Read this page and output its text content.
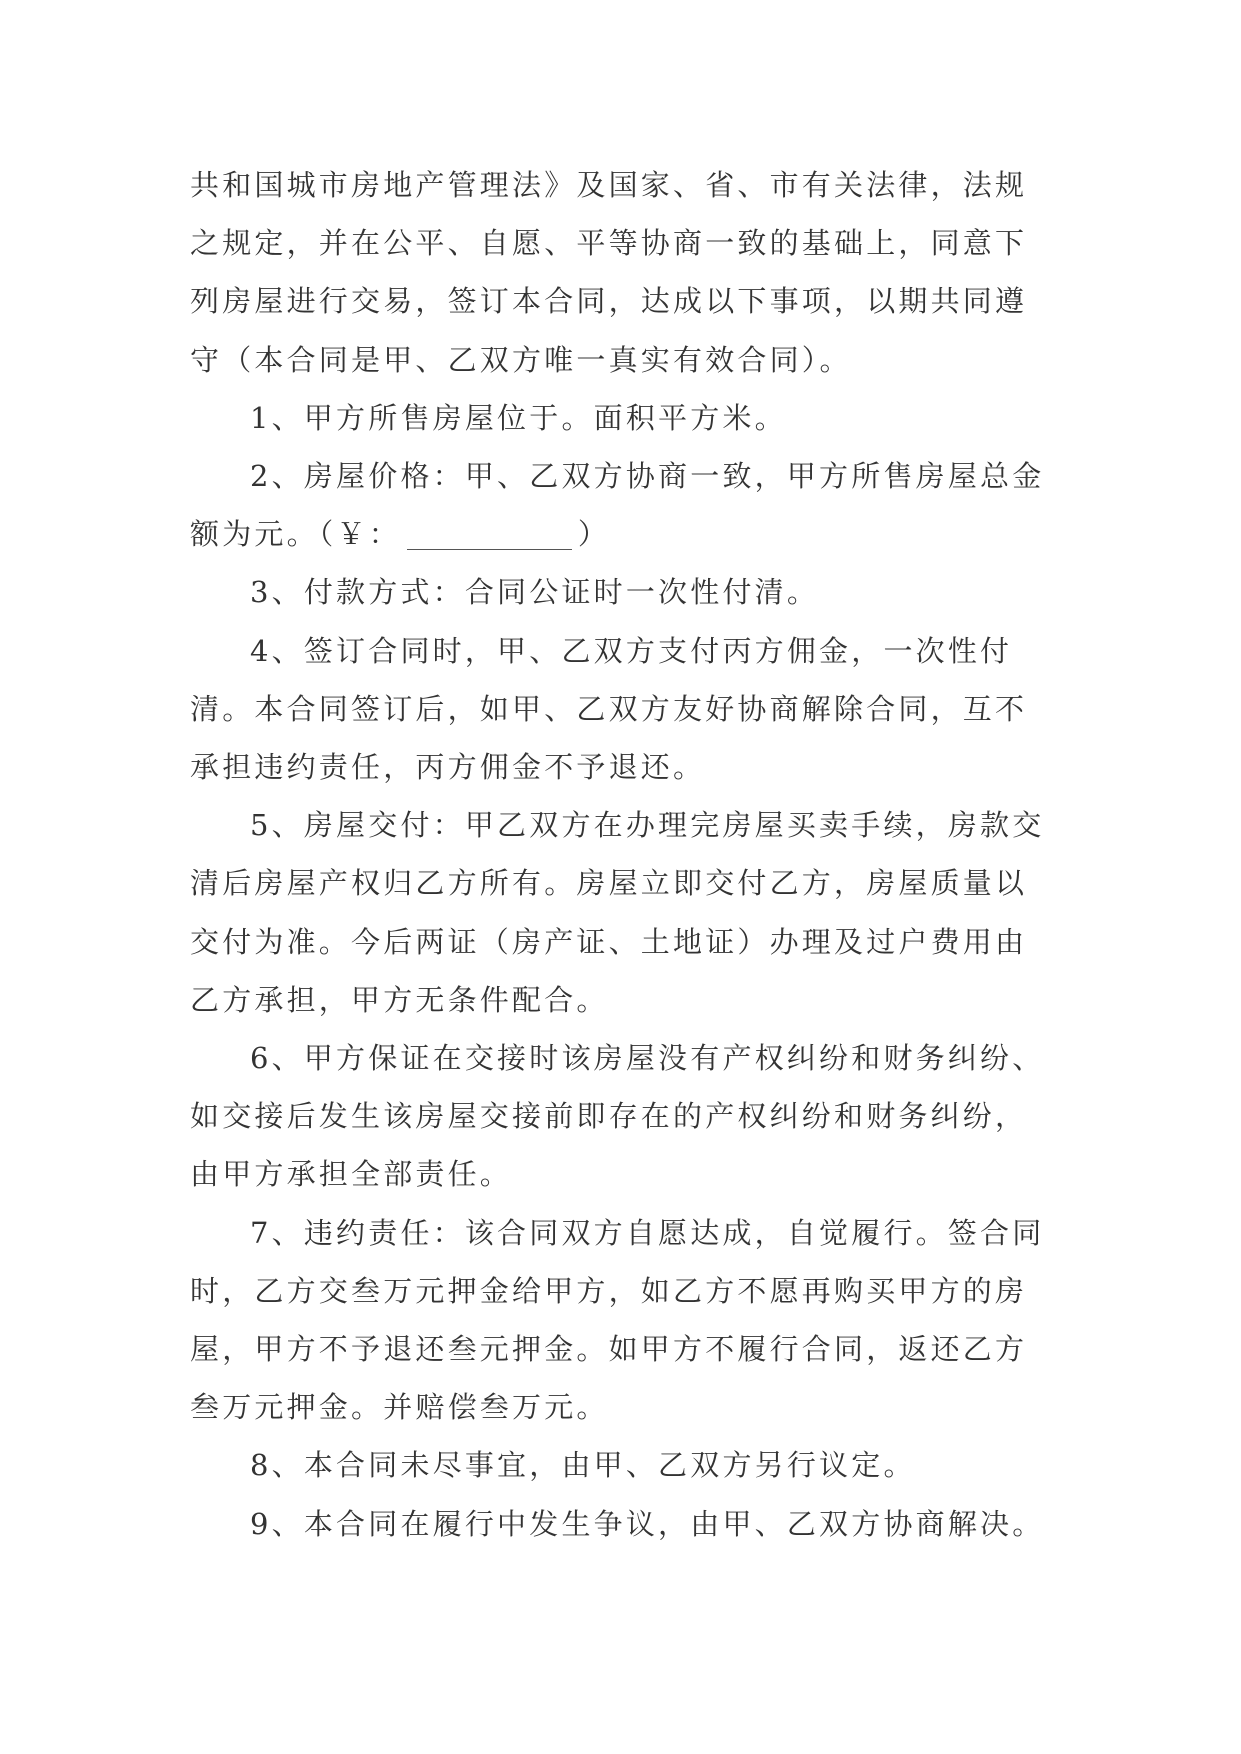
共和国城市房地产管理法》及国家、省、市有关法律，法规之规定，并在公平、自愿、平等协商一致的基础上，同意下列房屋进行交易，签订本合同，达成以下事项，以期共同遵守（本合同是甲、乙双方唯一真实有效合同）。

1、甲方所售房屋位于。面积平方米。

2、房屋价格：甲、乙双方协商一致，甲方所售房屋总金额为元。（￥：	）

3、付款方式：合同公证时一次性付清。

4、签订合同时，甲、乙双方支付丙方佣金，一次性付清。本合同签订后，如甲、乙双方友好协商解除合同，互不承担违约责任，丙方佣金不予退还。

5、房屋交付：甲乙双方在办理完房屋买卖手续，房款交清后房屋产权归乙方所有。房屋立即交付乙方，房屋质量以交付为准。今后两证（房产证、土地证）办理及过户费用由乙方承担，甲方无条件配合。

6、甲方保证在交接时该房屋没有产权纠纷和财务纠纷、如交接后发生该房屋交接前即存在的产权纠纷和财务纠纷，由甲方承担全部责任。

7、违约责任：该合同双方自愿达成，自觉履行。签合同时，乙方交叁万元押金给甲方，如乙方不愿再购买甲方的房屋，甲方不予退还叁元押金。如甲方不履行合同，返还乙方叁万元押金。并赔偿叁万元。

8、本合同未尽事宜，由甲、乙双方另行议定。

9、本合同在履行中发生争议，由甲、乙双方协商解决。
